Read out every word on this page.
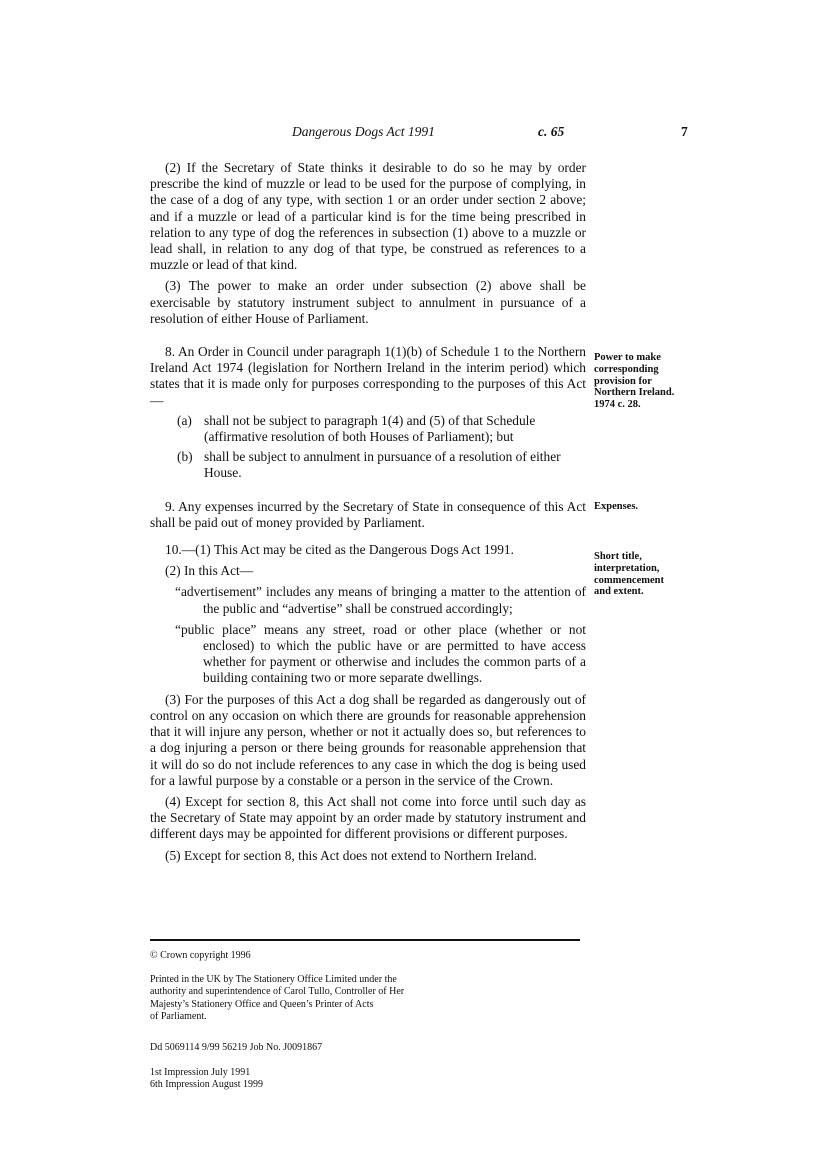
Dangerous Dogs Act 1991	c. 65	7

(2) If the Secretary of State thinks it desirable to do so he may by order prescribe the kind of muzzle or lead to be used for the purpose of complying, in the case of a dog of any type, with section 1 or an order under section 2 above; and if a muzzle or lead of a particular kind is for the time being prescribed in relation to any type of dog the references in subsection (1) above to a muzzle or lead shall, in relation to any dog of that type, be construed as references to a muzzle or lead of that kind.

(3) The power to make an order under subsection (2) above shall be exercisable by statutory instrument subject to annulment in pursuance of a resolution of either House of Parliament.

8. An Order in Council under paragraph 1(1)(b) of Schedule 1 to the Northern Ireland Act 1974 (legislation for Northern Ireland in the interim period) which states that it is made only for purposes corresponding to the purposes of this Act—

(a) shall not be subject to paragraph 1(4) and (5) of that Schedule (affirmative resolution of both Houses of Parliament); but
(b) shall be subject to annulment in pursuance of a resolution of either House.

9. Any expenses incurred by the Secretary of State in consequence of this Act shall be paid out of money provided by Parliament.

10.—(1) This Act may be cited as the Dangerous Dogs Act 1991.

(2) In this Act—

“advertisement” includes any means of bringing a matter to the attention of the public and “advertise” shall be construed accordingly;

“public place” means any street, road or other place (whether or not enclosed) to which the public have or are permitted to have access whether for payment or otherwise and includes the common parts of a building containing two or more separate dwellings.

(3) For the purposes of this Act a dog shall be regarded as dangerously out of control on any occasion on which there are grounds for reasonable apprehension that it will injure any person, whether or not it actually does so, but references to a dog injuring a person or there being grounds for reasonable apprehension that it will do so do not include references to any case in which the dog is being used for a lawful purpose by a constable or a person in the service of the Crown.

(4) Except for section 8, this Act shall not come into force until such day as the Secretary of State may appoint by an order made by statutory instrument and different days may be appointed for different provisions or different purposes.

(5) Except for section 8, this Act does not extend to Northern Ireland.

Power to make
corresponding
provision for
Northern Ireland.
1974 c. 28.
Expenses.
Short title,
interpretation,
commencement
and extent.
© Crown copyright 1996
Printed in the UK by The Stationery Office Limited under the
authority and superintendence of Carol Tullo, Controller of Her
Majesty’s Stationery Office and Queen’s Printer of Acts
of Parliament.
Dd 5069114 9/99 56219 Job No. J0091867
1st Impression July 1991
6th Impression August 1999
